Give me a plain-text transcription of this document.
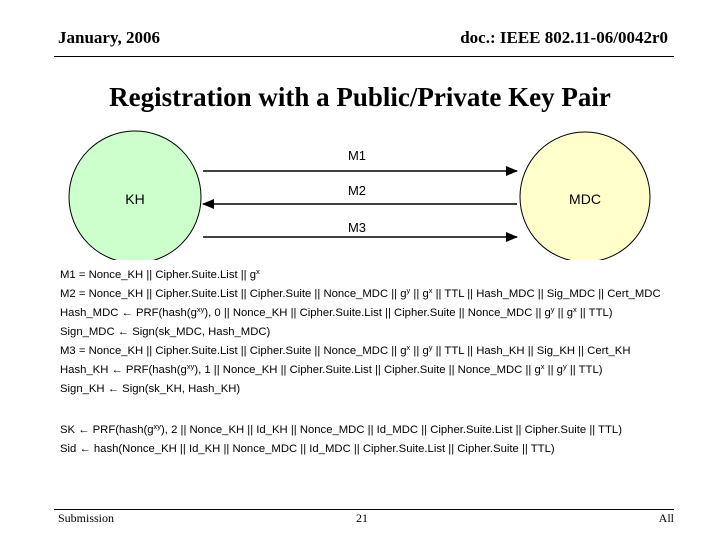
January, 2006	doc.: IEEE 802.11-06/0042r0
Registration with a Public/Private Key Pair
KH	MDC
M1
M2
M3
M1 = Nonce_KH || Cipher.Suite.List || $g^x$
M2 = Nonce_KH || Cipher.Suite.List || Cipher.Suite || Nonce_MDC || $g^y$ || $g^x$ || TTL || Hash_MDC || Sig_MDC || Cert_MDC
Hash_MDC ← $PRF(hash(g^{xy})$, 0 || Nonce_KH || Cipher.Suite.List || Cipher.Suite || Nonce_MDC || $g^y$ || $g^x$ || TTL)
Sign_MDC ← Sign(sk_MDC, Hash_MDC)
M3 = Nonce_KH || Cipher.Suite.List || Cipher.Suite || Nonce_MDC || $g^x$ || $g^y$ || TTL || Hash_KH || Sig_KH || Cert_KH
Hash_KH ← $PRF(hash(g^{xy})$, 1 || Nonce_KH || Cipher.Suite.List || Cipher.Suite || Nonce_MDC || $g^x$ || $g^y$ || TTL)
Sign_KH ← Sign(sk_KH, Hash_KH)
SK ← $PRF(hash(g^{xy})$, 2 || Nonce_KH || Id_KH || Nonce_MDC || Id_MDC || Cipher.Suite.List || Cipher.Suite || TTL)
Sid ← hash(Nonce_KH || Id_KH || Nonce_MDC || Id_MDC || Cipher.Suite.List || Cipher.Suite || TTL)
Submission	21	All
